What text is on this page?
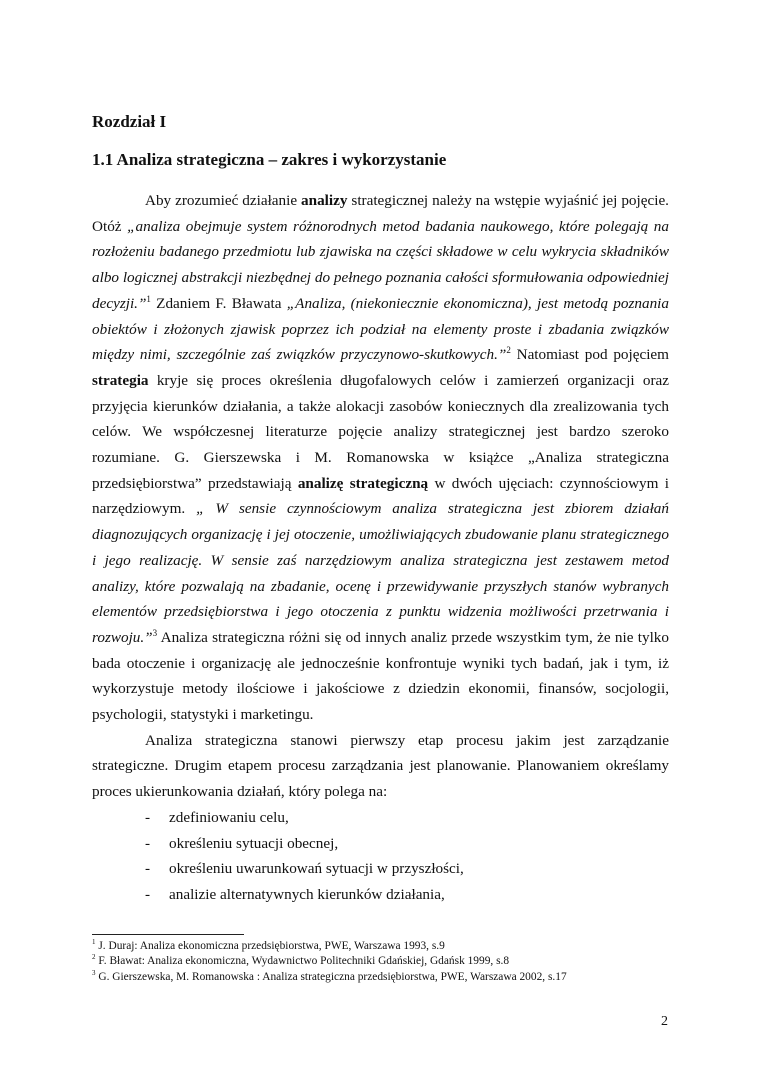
Rozdział I
1.1 Analiza strategiczna – zakres i wykorzystanie

Aby zrozumieć działanie analizy strategicznej należy na wstępie wyjaśnić jej pojęcie. Otóż „analiza obejmuje system różnorodnych metod badania naukowego, które polegają na rozłożeniu badanego przedmiotu lub zjawiska na części składowe w celu wykrycia składników albo logicznej abstrakcji niezbędnej do pełnego poznania całości sformułowania odpowiedniej decyzji.”$^1$ Zdaniem F. Bławata „Analiza, (niekoniecznie ekonomiczna), jest metodą poznania obiektów i złożonych zjawisk poprzez ich podział na elementy proste i zbadania związków między nimi, szczególnie zaś związków przyczynowo-skutkowych.”$^2$ Natomiast pod pojęciem strategia kryje się proces określenia długofalowych celów i zamierzeń organizacji oraz przyjęcia kierunków działania, a także alokacji zasobów koniecznych dla zrealizowania tych celów. We współczesnej literaturze pojęcie analizy strategicznej jest bardzo szeroko rozumiane. G. Gierszewska i M. Romanowska w książce „Analiza strategiczna przedsiębiorstwa” przedstawiają analizę strategiczną w dwóch ujęciach: czynnościowym i narzędziowym. „ W sensie czynnościowym analiza strategiczna jest zbiorem działań diagnozujących organizację i jej otoczenie, umożliwiających zbudowanie planu strategicznego i jego realizację. W sensie zaś narzędziowym analiza strategiczna jest zestawem metod analizy, które pozwalają na zbadanie, ocenę i przewidywanie przyszłych stanów wybranych elementów przedsiębiorstwa i jego otoczenia z punktu widzenia możliwości przetrwania i rozwoju.”$^3$ Analiza strategiczna różni się od innych analiz przede wszystkim tym, że nie tylko bada otoczenie i organizację ale jednocześnie konfrontuje wyniki tych badań, jak i tym, iż wykorzystuje metody ilościowe i jakościowe z dziedzin ekonomii, finansów, socjologii, psychologii, statystyki i marketingu.

Analiza strategiczna stanowi pierwszy etap procesu jakim jest zarządzanie strategiczne. Drugim etapem procesu zarządzania jest planowanie. Planowaniem określamy proces ukierunkowania działań, który polega na:

- zdefiniowaniu celu,
- określeniu sytuacji obecnej,
- określeniu uwarunkowań sytuacji w przyszłości,
- analizie alternatywnych kierunków działania,
$^1$ J. Duraj: Analiza ekonomiczna przedsiębiorstwa, PWE, Warszawa 1993, s.9
$^2$ F. Bławat: Analiza ekonomiczna, Wydawnictwo Politechniki Gdańskiej, Gdańsk 1999, s.8
$^3$ G. Gierszewska, M. Romanowska : Analiza strategiczna przedsiębiorstwa, PWE, Warszawa 2002, s.17
2
